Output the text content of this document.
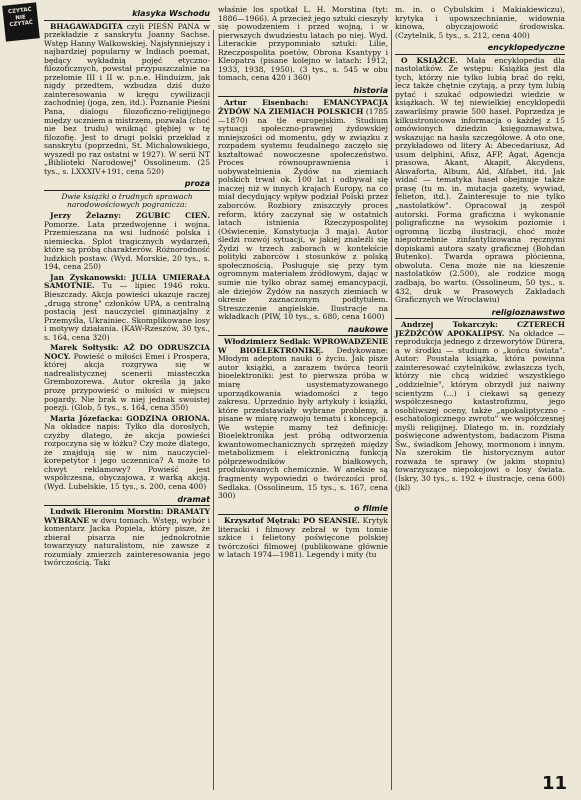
CZYTAĆ
NIE CZYTAĆ
klasyka Wschodu

BHAGAWADGITA czyli PIEŚŃ PANA w przekładzie z sanskrytu Joanny Sachse. Wstęp Hanny Walkowskiej. Najsłynniejszy i najbardziej popularny w Indiach poemat, będący wykładnią pojęć etyczno-filozoficznych, powstał przypuszczalnie na przełomie III i II w. p.n.e. Hinduizm, jak nigdy przedtem, wzbudza dziś dużo zainteresowania w kręgu cywilizacji zachodniej (joga, zen, itd.). Poznanie Pieśni Pana, dialogu filozoficzno-religijnego między uczniem a mistrzem, pozwala (choć nie bez trudu) wniknąć głębiej w tę filozofię. Jest to drugi polski przekład z sanskrytu (poprzedni, St. Michalowskiego, wyszedł po raz ostatni w 1927). W serii NT „Biblioteki Narodowej" Ossolineum. (25 tys., s. LXXXIV+191, cena 520)

proza

Dwie książki o trudnych sprawach narodowościowych pogranicza:

Jerzy Żelazny: ZGUBIC CIEŃ. Pomorze. Lata przedwojenne i wojna. Przemieszana na wsi ludność polska i niemiecka. Splot tragicznych wydarzeń, które są próbą charakterów. Różnorodność ludzkich postaw. (Wyd. Morskie, 20 tys., s. 194, cena 250)

Jan Zyskanowski: JULIA UMIERAŁA SAMOTNIE. Tu — lipiec 1946 roku. Bieszczady. Akcja powieści ukazuje raczej „drugą stronę" członków UPA, a centralną postacią jest nauczyciel gimnazjalny z Przemyśla, Ukrainiec. Skomplikowane losy i motywy działania. (KAW-Rzeszów, 30 tys., s. 164, cena 320)

Marek Sołtysik: AŻ DO ODRUSZCIA NOCY. Powieść o miłości Emei i Prospera, której akcja rozgrywa się w nadrealistycznej scenerii miasteczka Grembozorewa. Autor określa ją jako prozę przypowieść o miłości w miejscu pogardy. Nie brak w niej jednak swoistej poezji. (Glob, 5 tys., s. 164, cena 350)

Maria Józefacka: GODZINA ORIONA. Na okładce napis: Tylko dla dorosłych, czyżby dlatego, że akcja powieści rozpoczyna się w łóżku? Czy może dlatego, że znajdują się w nim nauczyciel-korepetytor i jego uczennica? A może to chwyt reklamowy? Powieść jest współczesna, obyczajowa, z warką akcją. (Wyd. Lubelskie, 15 tys., s. 200, cena 400)

dramat

Ludwik Hieronim Morstin: DRAMATY WYBRANE w dwu tomach. Wstęp, wybór i komentarz Jacka Popiela, który pisze, że zbierał pisarza nie jednokrotnie towarzyszy naturalistom, nie zawsze z rozumiały zmierzch zainteresowania jego twórczością. Taki

właśnie los spotkał L. H. Morstina (tyt: 1886—1966). A przecież jego sztuki cieszyły się powodzeniem i przed wojną, i w pierwszych dwudziestu latach po niej. Wyd. Literackie przypomniało sztuki: Lilie, Rzeczpospolita poetów, Obrona Ksantypy i Kleopatra (pisane kolejno w latach: 1912, 1933, 1938, 1950). (3 tys., s. 545 w obu tomach, cena 420 i 360)

historia

Artur Eisenbach: EMANCYPACJA ŻYDÓW NA ZIEMIACH POLSKICH (1785—1870) na tle europejskim. Studium sytuacji społeczno-prawnej żydowskiej mniejszości od momentu, gdy w związku z rozpadem systemu feudalnego zaczęło się kształtować nowoczesne społeczeństwo. Proces równouprawnienia i uobywatelnienia Żydów na ziemiach polskich trwał ok. 100 lat i odbywał się inaczej niż w innych krajach Europy, na co miał decydujący wpływ podział Polski przez zaborców. Rozbiory zniszczyły proces reform, który zaczynał się w ostatnich latach istnienia Rzeczypospolitej (Oświecenie, Konstytucja 3 maja). Autor śledzi rozwój sytuacji, w jakiej znaleźli się Żydzi w trzech zaborach w kontekście polityki zaborców i stosunków z polską społecznością. Posługuje się przy tym ogromnym materiałem źródłowym, dając w sumie nie tylko obraz samej emancypacji, ale dziejów Żydów na naszych ziemiach w okresie zaznaczonym podtytułem. Streszczenie angielskie. Ilustracje na wkładkach (PIW, 10 tys., s. 680, cena 1600)

naukowe

Włodzimierz Sedlak: WPROWADZENIE W BIOELEKTRONIKĘ. Dedykowane: Młodym adeptom nauki o życiu. Jak pisze autor książki, a zarazem twórca teorii bioelektroniki: jest to pierwsza próba w miarę usystematyzowanego uporządkowania wiadomości z tego zakresu. Uprzednio były artykuły i książki, które przedstawiały wybrane problemy, a pisane w miarę rozwoju tematu i koncepcji. We wstępie mamy też definicję: Bioelektronika jest próbą odtworzenia kwantowomechanicznych sprzężeń między metabolizmem i elektroniczną funkcją półprzewodników białkowych, produkowanych chemicznie. W aneksie są fragmenty wypowiedzi o twórczości prof. Sedlaka. (Ossolineum, 15 tys., s. 167, cena 300)

o filmie

Krzysztof Mętrak: PO SEANSIE. Krytyk literacki i filmowy zebrał w tym tomie szkice i felietony poświęcone polskiej twórczości filmowej (publikowane głównie w latach 1974—1981). Legendy i mity (tu

m. in. o Cybulskim i Makiakiewiczu), krytyka i upowszechnianie, widownia kinowa, obyczajowość środowiska. (Czytelnik, 5 tys., s. 212, cena 400)

encyklopedyczne

O KSIĄŻCE. Mała encyklopedia dla nastolatków. Ze wstępu: Książka jest dla tych, którzy nie tylko lubią brać do ręki, lecz także chętnie czytają, a przy tym lubią pytać i szukać odpowiedzi wiedzie w książkach. W tej niewielkiej encyklopedii zawarliśmy prawie 500 haseł. Poprzedza je kilkustronicowa informacja o każdej z 15 omówionych dziedzin księgoznawstwa, wskazując na hasła szczegółowe. A oto one, przykładowo od litery A: Abecedariusz, Ad usum delphini, Afisz, AFP, Agat, Agencja prasowa, Akant, Akapit, Akcydens, Akwaforta, Album, Ald, Alfabet, itd. Jak widać — tematyka haseł obejmuje także prasę (tu m. in. mutacja gazety, wywiad, felieton, itd.). Zainteresuje to nie tylko „nastolatków". Opracował ją zespół autorski. Forma graficzna i wykonanie poligraficzne na wysokim poziomie i ogromną liczbą ilustracji, choć może niepotrzebnie zinfantylizowana ręcznymi dopiskami autora szaty graficznej (Bohdan Butenko). Twarda oprawa płócienna, obwoluta. Cena może nie na kieszenie nastolatków (2.500), ale rodzice mogą zadbają, bo warto. (Ossolineum, 50 tys., s. 432, druk w Prasowych Zakładach Graficznych we Wrocławiu)

religioznawstwo

Andrzej Tokarczyk:	CZTERECH JEŹDŹCÓW APOKALIPSY. Na okładce — reprodukcja jednego z drzeworytów Dürera, a w środku — studium o „końcu świata". Autor: Poustała książka, która powinna zainteresować czytelników, zwłaszcza tych, którzy nie chcą widzieć wszystkiego „oddzielnie", którym obrzydł już naiwny scientyzm (...) i ciekawi są genezy współczesnego katastrofizmu, jego osobliwszej oceny, także „apokaliptyczno - eschatologicznego zwrotu" we współczesnej myśli religijnej. Dlatego m. in. rozdziały poświęcone adwentystom, badaczom Pisma Św., świadkom Jehowy, mormonom i innym. Na szerokim tle historycznym autor rozważa te sprawy (w jakim stopniu) towarzyszące niepokojowi o losy świata. (Iskry, 30 tys., s. 192 + ilustracje, cena 600) (jkl)

11
